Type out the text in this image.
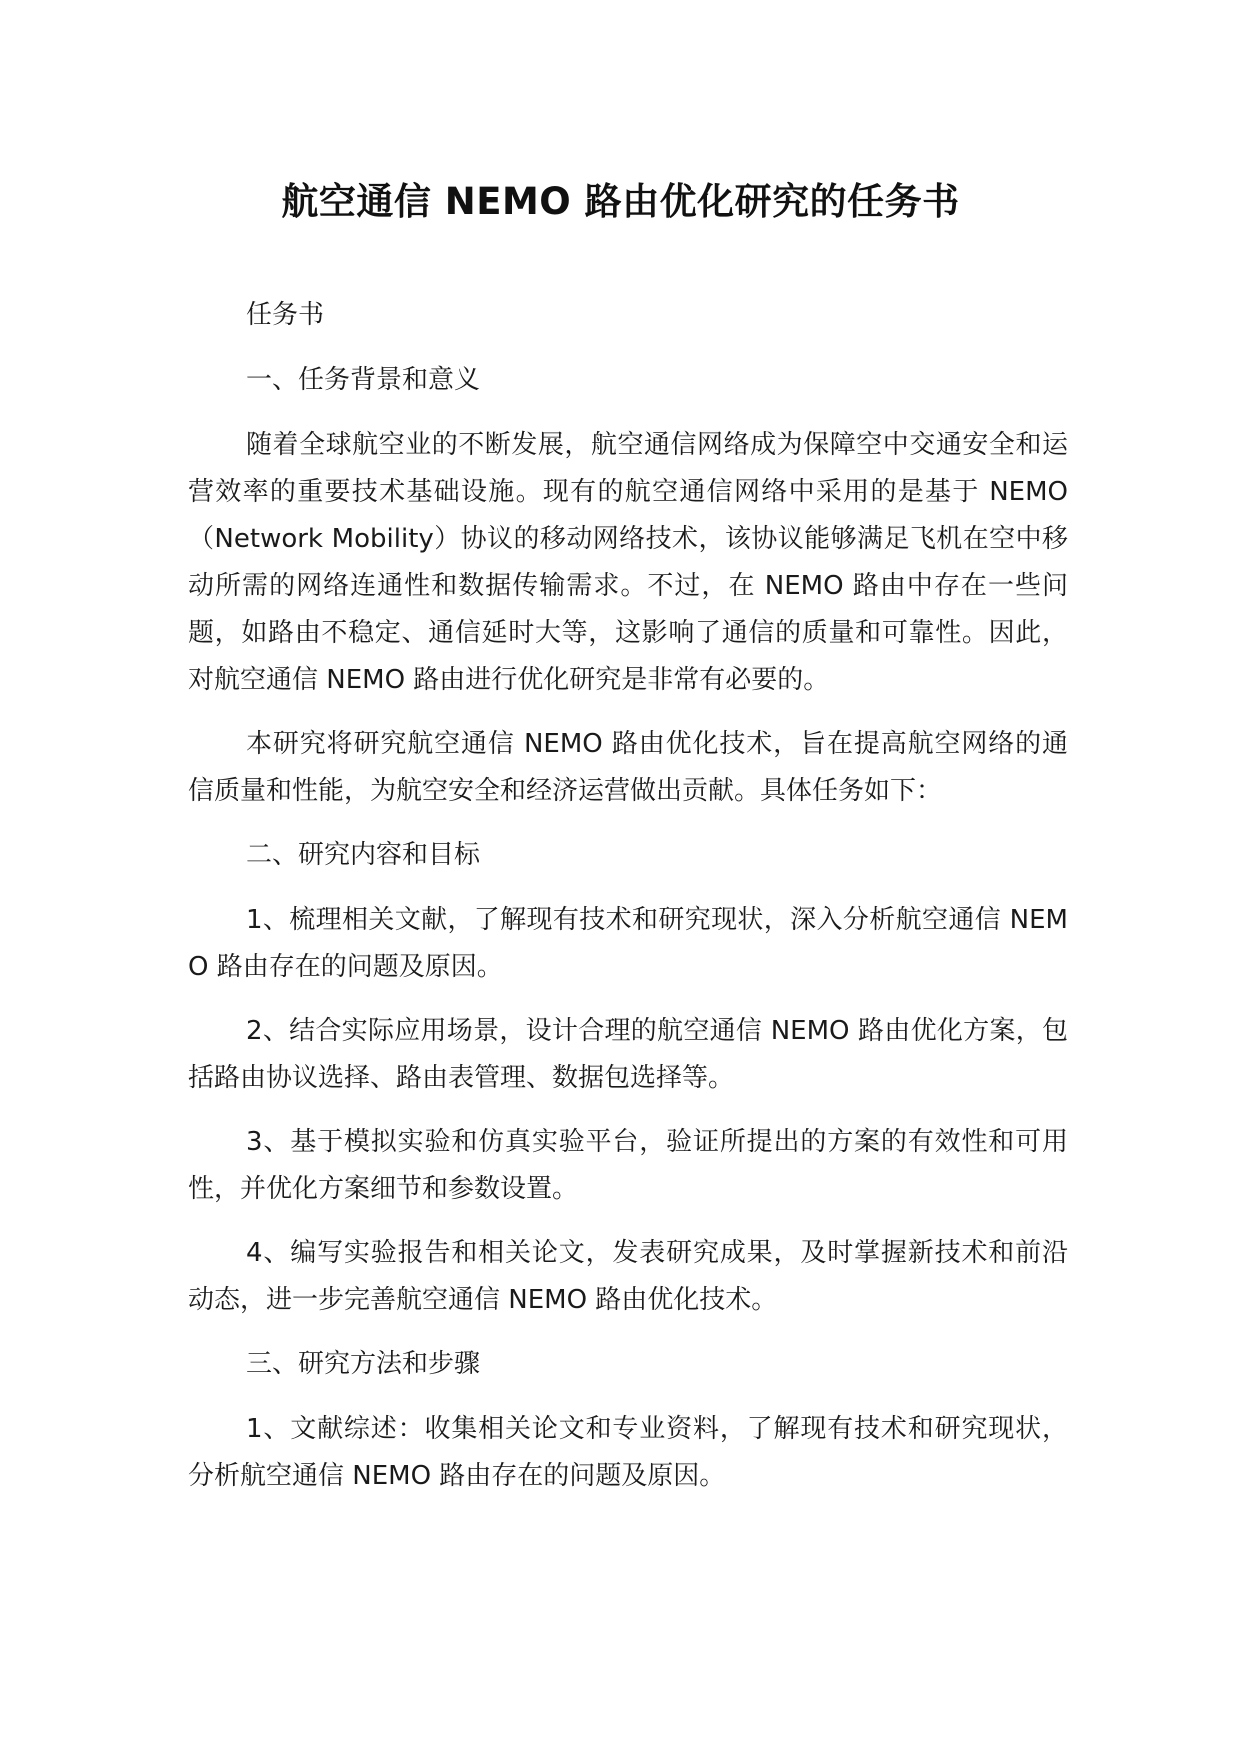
航空通信 NEMO 路由优化研究的任务书

任务书

一、任务背景和意义

随着全球航空业的不断发展，航空通信网络成为保障空中交通安全和运营效率的重要技术基础设施。现有的航空通信网络中采用的是基于 NEMO（Network Mobility）协议的移动网络技术，该协议能够满足飞机在空中移动所需的网络连通性和数据传输需求。不过，在 NEMO 路由中存在一些问题，如路由不稳定、通信延时大等，这影响了通信的质量和可靠性。因此，对航空通信 NEMO 路由进行优化研究是非常有必要的。

本研究将研究航空通信 NEMO 路由优化技术，旨在提高航空网络的通信质量和性能，为航空安全和经济运营做出贡献。具体任务如下：

二、研究内容和目标

1、梳理相关文献，了解现有技术和研究现状，深入分析航空通信 NEMO 路由存在的问题及原因。

2、结合实际应用场景，设计合理的航空通信 NEMO 路由优化方案，包括路由协议选择、路由表管理、数据包选择等。

3、基于模拟实验和仿真实验平台，验证所提出的方案的有效性和可用性，并优化方案细节和参数设置。

4、编写实验报告和相关论文，发表研究成果，及时掌握新技术和前沿动态，进一步完善航空通信 NEMO 路由优化技术。

三、研究方法和步骤

1、文献综述：收集相关论文和专业资料，了解现有技术和研究现状，分析航空通信 NEMO 路由存在的问题及原因。
